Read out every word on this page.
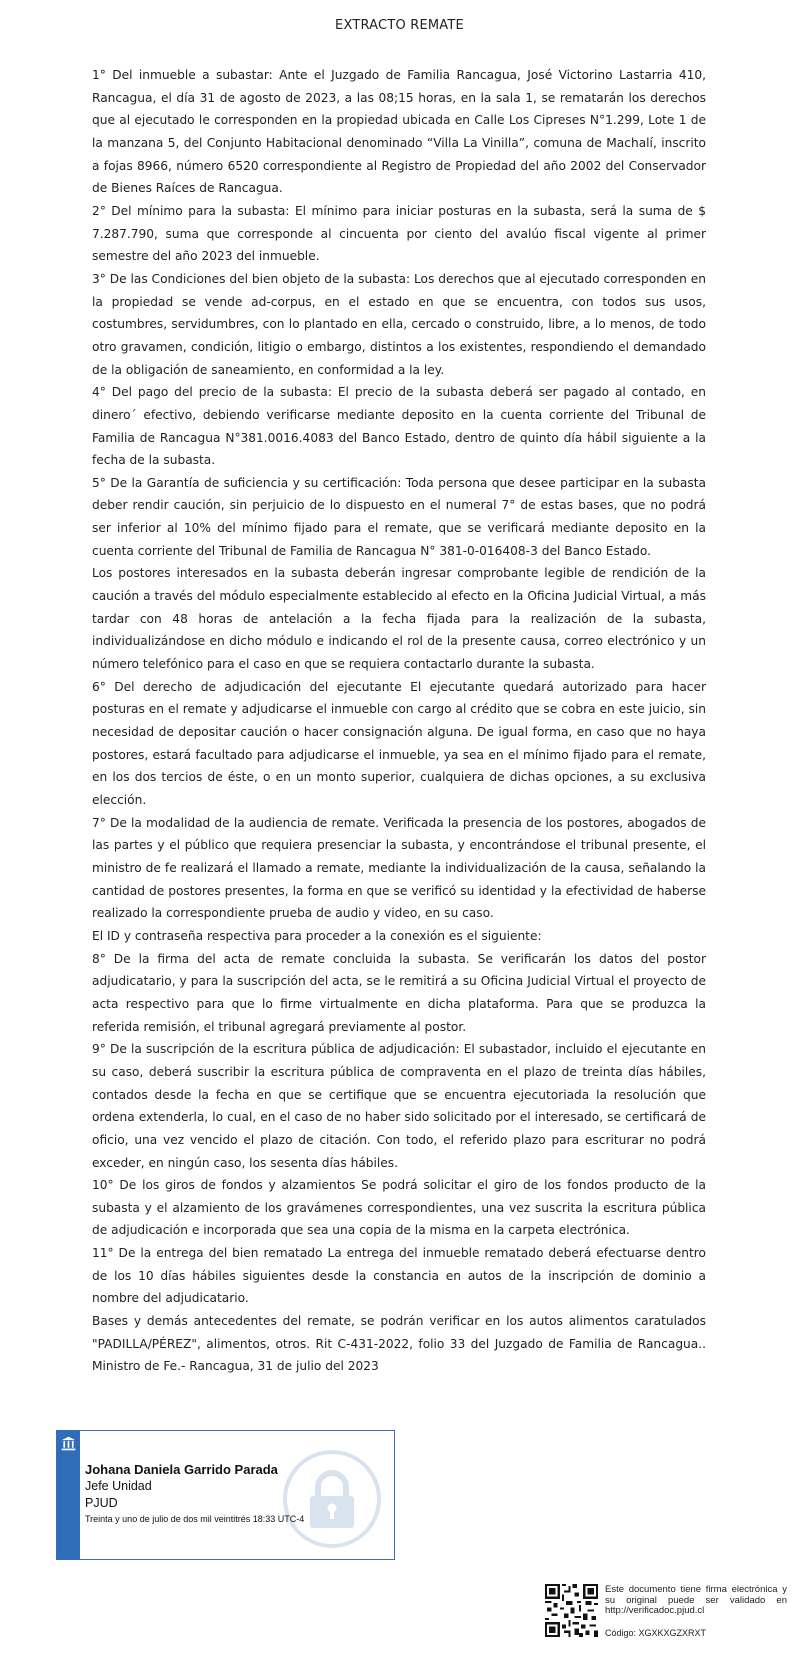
EXTRACTO REMATE

1° Del inmueble a subastar: Ante el Juzgado de Familia Rancagua, José Victorino Lastarria 410, Rancagua, el día 31 de agosto de 2023, a las 08;15 horas, en la sala 1, se rematarán los derechos que al ejecutado le corresponden en la propiedad ubicada en Calle Los Cipreses N°1.299, Lote 1 de la manzana 5, del Conjunto Habitacional denominado “Villa La Vinilla”, comuna de Machalí, inscrito a fojas 8966, número 6520 correspondiente al Registro de Propiedad del año 2002 del Conservador de Bienes Raíces de Rancagua.

2° Del mínimo para la subasta: El mínimo para iniciar posturas en la subasta, será la suma de $ 7.287.790, suma que corresponde al cincuenta por ciento del avalúo fiscal vigente al primer semestre del año 2023 del inmueble.

3° De las Condiciones del bien objeto de la subasta: Los derechos que al ejecutado corresponden en la propiedad se vende ad-corpus, en el estado en que se encuentra, con todos sus usos, costumbres, servidumbres, con lo plantado en ella, cercado o construido, libre, a lo menos, de todo otro gravamen, condición, litigio o embargo, distintos a los existentes, respondiendo el demandado de la obligación de saneamiento, en conformidad a la ley.

4° Del pago del precio de la subasta: El precio de la subasta deberá ser pagado al contado, en dinero´ efectivo, debiendo verificarse mediante deposito en la cuenta corriente del Tribunal de Familia de Rancagua N°381.0016.4083 del Banco Estado, dentro de quinto día hábil siguiente a la fecha de la subasta.

5° De la Garantía de suficiencia y su certificación: Toda persona que desee participar en la subasta deber rendir caución, sin perjuicio de lo dispuesto en el numeral 7° de estas bases, que no podrá ser inferior al 10% del mínimo fijado para el remate, que se verificará mediante deposito en la cuenta corriente del Tribunal de Familia de Rancagua N° 381-0-016408-3 del Banco Estado.

Los postores interesados en la subasta deberán ingresar comprobante legible de rendición de la caución a través del módulo especialmente establecido al efecto en la Oficina Judicial Virtual, a más tardar con 48 horas de antelación a la fecha fijada para la realización de la subasta, individualizándose en dicho módulo e indicando el rol de la presente causa, correo electrónico y un número telefónico para el caso en que se requiera contactarlo durante la subasta.

6° Del derecho de adjudicación del ejecutante El ejecutante quedará autorizado para hacer posturas en el remate y adjudicarse el inmueble con cargo al crédito que se cobra en este juicio, sin necesidad de depositar caución o hacer consignación alguna. De igual forma, en caso que no haya postores, estará facultado para adjudicarse el inmueble, ya sea en el mínimo fijado para el remate, en los dos tercios de éste, o en un monto superior, cualquiera de dichas opciones, a su exclusiva elección.

7° De la modalidad de la audiencia de remate. Verificada la presencia de los postores, abogados de las partes y el público que requiera presenciar la subasta, y encontrándose el tribunal presente, el ministro de fe realizará el llamado a remate, mediante la individualización de la causa, señalando la cantidad de postores presentes, la forma en que se verificó su identidad y la efectividad de haberse realizado la correspondiente prueba de audio y video, en su caso.

El ID y contraseña respectiva para proceder a la conexión es el siguiente:

8° De la firma del acta de remate concluida la subasta. Se verificarán los datos del postor adjudicatario, y para la suscripción del acta, se le remitirá a su Oficina Judicial Virtual el proyecto de acta respectivo para que lo firme virtualmente en dicha plataforma. Para que se produzca la referida remisión, el tribunal agregará previamente al postor.

9° De la suscripción de la escritura pública de adjudicación: El subastador, incluido el ejecutante en su caso, deberá suscribir la escritura pública de compraventa en el plazo de treinta días hábiles, contados desde la fecha en que se certifique que se encuentra ejecutoriada la resolución que ordena extenderla, lo cual, en el caso de no haber sido solicitado por el interesado, se certificará de oficio, una vez vencido el plazo de citación. Con todo, el referido plazo para escriturar no podrá exceder, en ningún caso, los sesenta días hábiles.

10° De los giros de fondos y alzamientos Se podrá solicitar el giro de los fondos producto de la subasta y el alzamiento de los gravámenes correspondientes, una vez suscrita la escritura pública de adjudicación e incorporada que sea una copia de la misma en la carpeta electrónica.

11° De la entrega del bien rematado La entrega del inmueble rematado deberá efectuarse dentro de los 10 días hábiles siguientes desde la constancia en autos de la inscripción de dominio a nombre del adjudicatario.

Bases y demás antecedentes del remate, se podrán verificar en los autos alimentos caratulados "PADILLA/PÉREZ", alimentos, otros. Rit C-431-2022, folio 33 del Juzgado de Familia de Rancagua.. Ministro de Fe.- Rancagua, 31 de julio del 2023

Johana Daniela Garrido Parada
Jefe Unidad
PJUD
Treinta y uno de julio de dos mil veintitrés 18:33 UTC-4
Este documento tiene firma electrónica y su original puede ser validado en http://verificadoc.pjud.cl
Código: XGXKXGZXRXT
